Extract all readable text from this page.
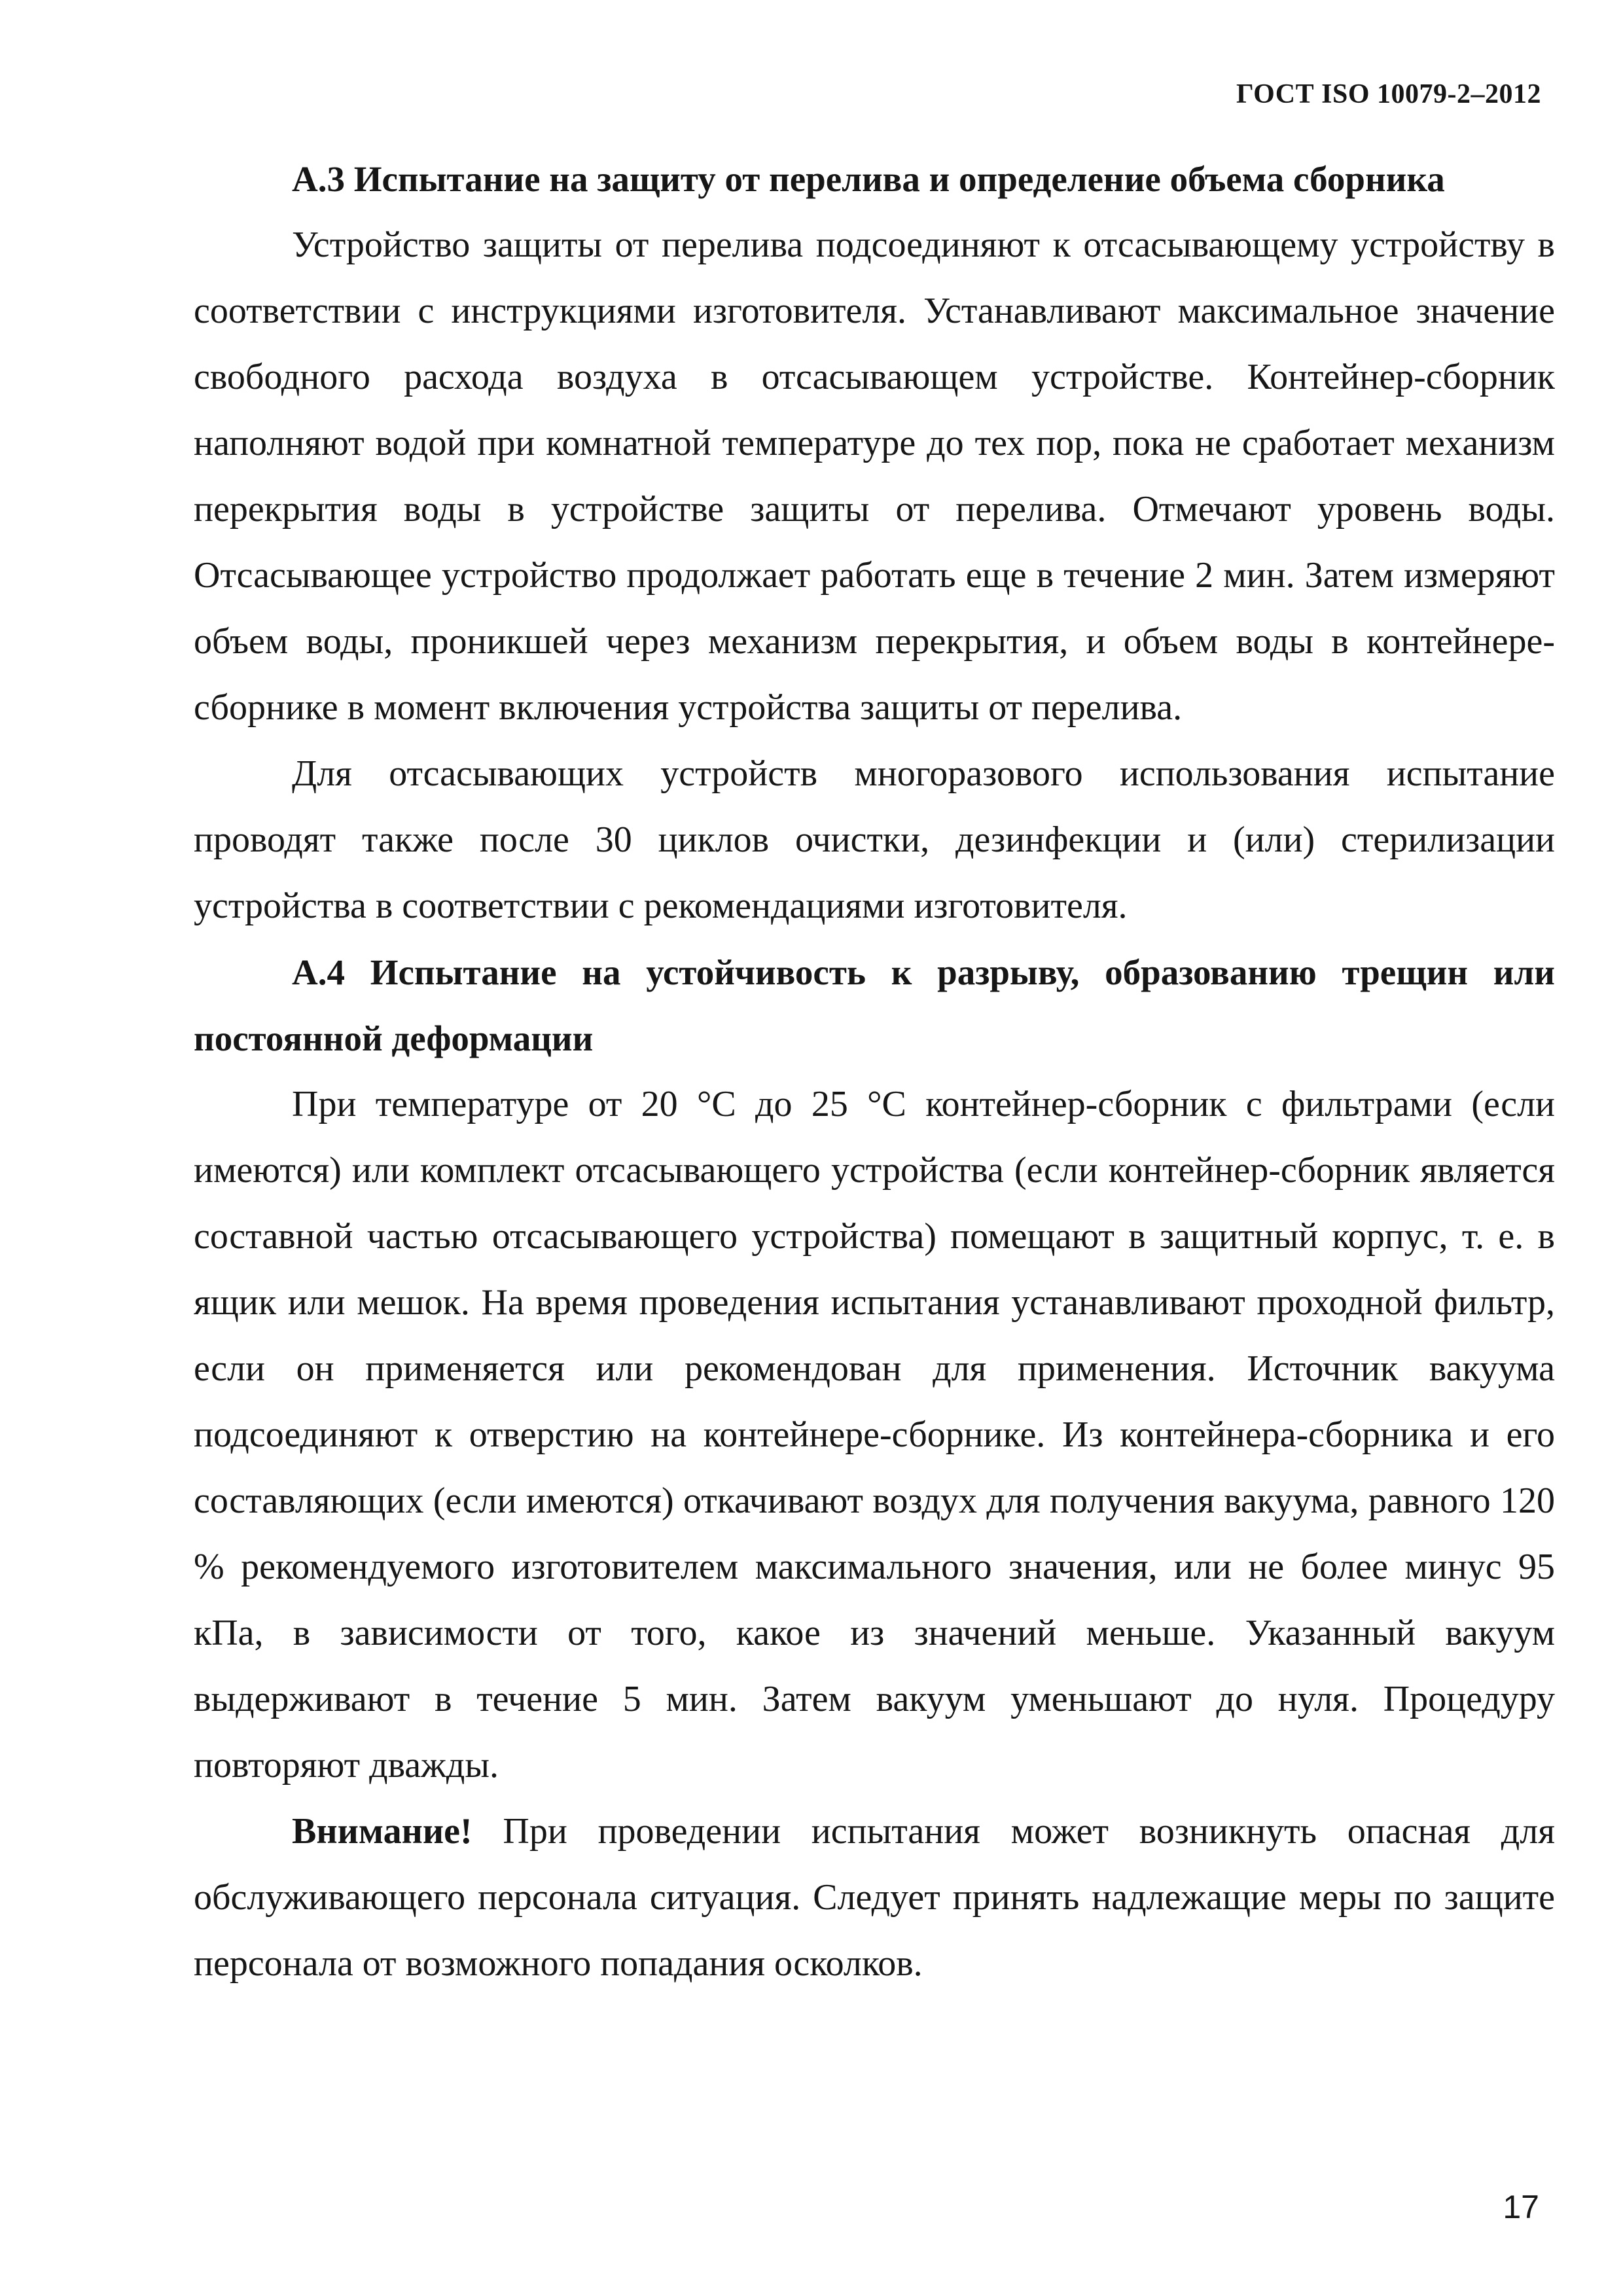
ГОСТ ISO 10079-2–2012

А.3 Испытание на защиту от перелива и определение объема сборника

Устройство защиты от перелива подсоединяют к отсасывающему устройству в соответствии с инструкциями изготовителя. Устанавливают максимальное значение свободного расхода воздуха в отсасывающем устройстве. Контейнер-сборник наполняют водой при комнатной температуре до тех пор, пока не сработает механизм перекрытия воды в устройстве защиты от перелива. Отмечают уровень воды. Отсасывающее устройство продолжает работать еще в течение 2 мин. Затем измеряют объем воды, проникшей через механизм перекрытия, и объем воды в контейнере-сборнике в момент включения устройства защиты от перелива.

Для отсасывающих устройств многоразового использования испытание проводят также после 30 циклов очистки, дезинфекции и (или) стерилизации устройства в соответствии с рекомендациями изготовителя.

А.4 Испытание на устойчивость к разрыву, образованию трещин или постоянной деформации

При температуре от 20 °С до 25 °С контейнер-сборник с фильтрами (если имеются) или комплект отсасывающего устройства (если контейнер-сборник является составной частью отсасывающего устройства) помещают в защитный корпус, т. е. в ящик или мешок. На время проведения испытания устанавливают проходной фильтр, если он применяется или рекомендован для применения. Источник вакуума подсоединяют к отверстию на контейнере-сборнике. Из контейнера-сборника и его составляющих (если имеются) откачивают воздух для получения вакуума, равного 120 % рекомендуемого изготовителем максимального значения, или не более минус 95 кПа, в зависимости от того, какое из значений меньше. Указанный вакуум выдерживают в течение 5 мин. Затем вакуум уменьшают до нуля. Процедуру повторяют дважды.

Внимание! При проведении испытания может возникнуть опасная для обслуживающего персонала ситуация. Следует принять надлежащие меры по защите персонала от возможного попадания осколков.

17
